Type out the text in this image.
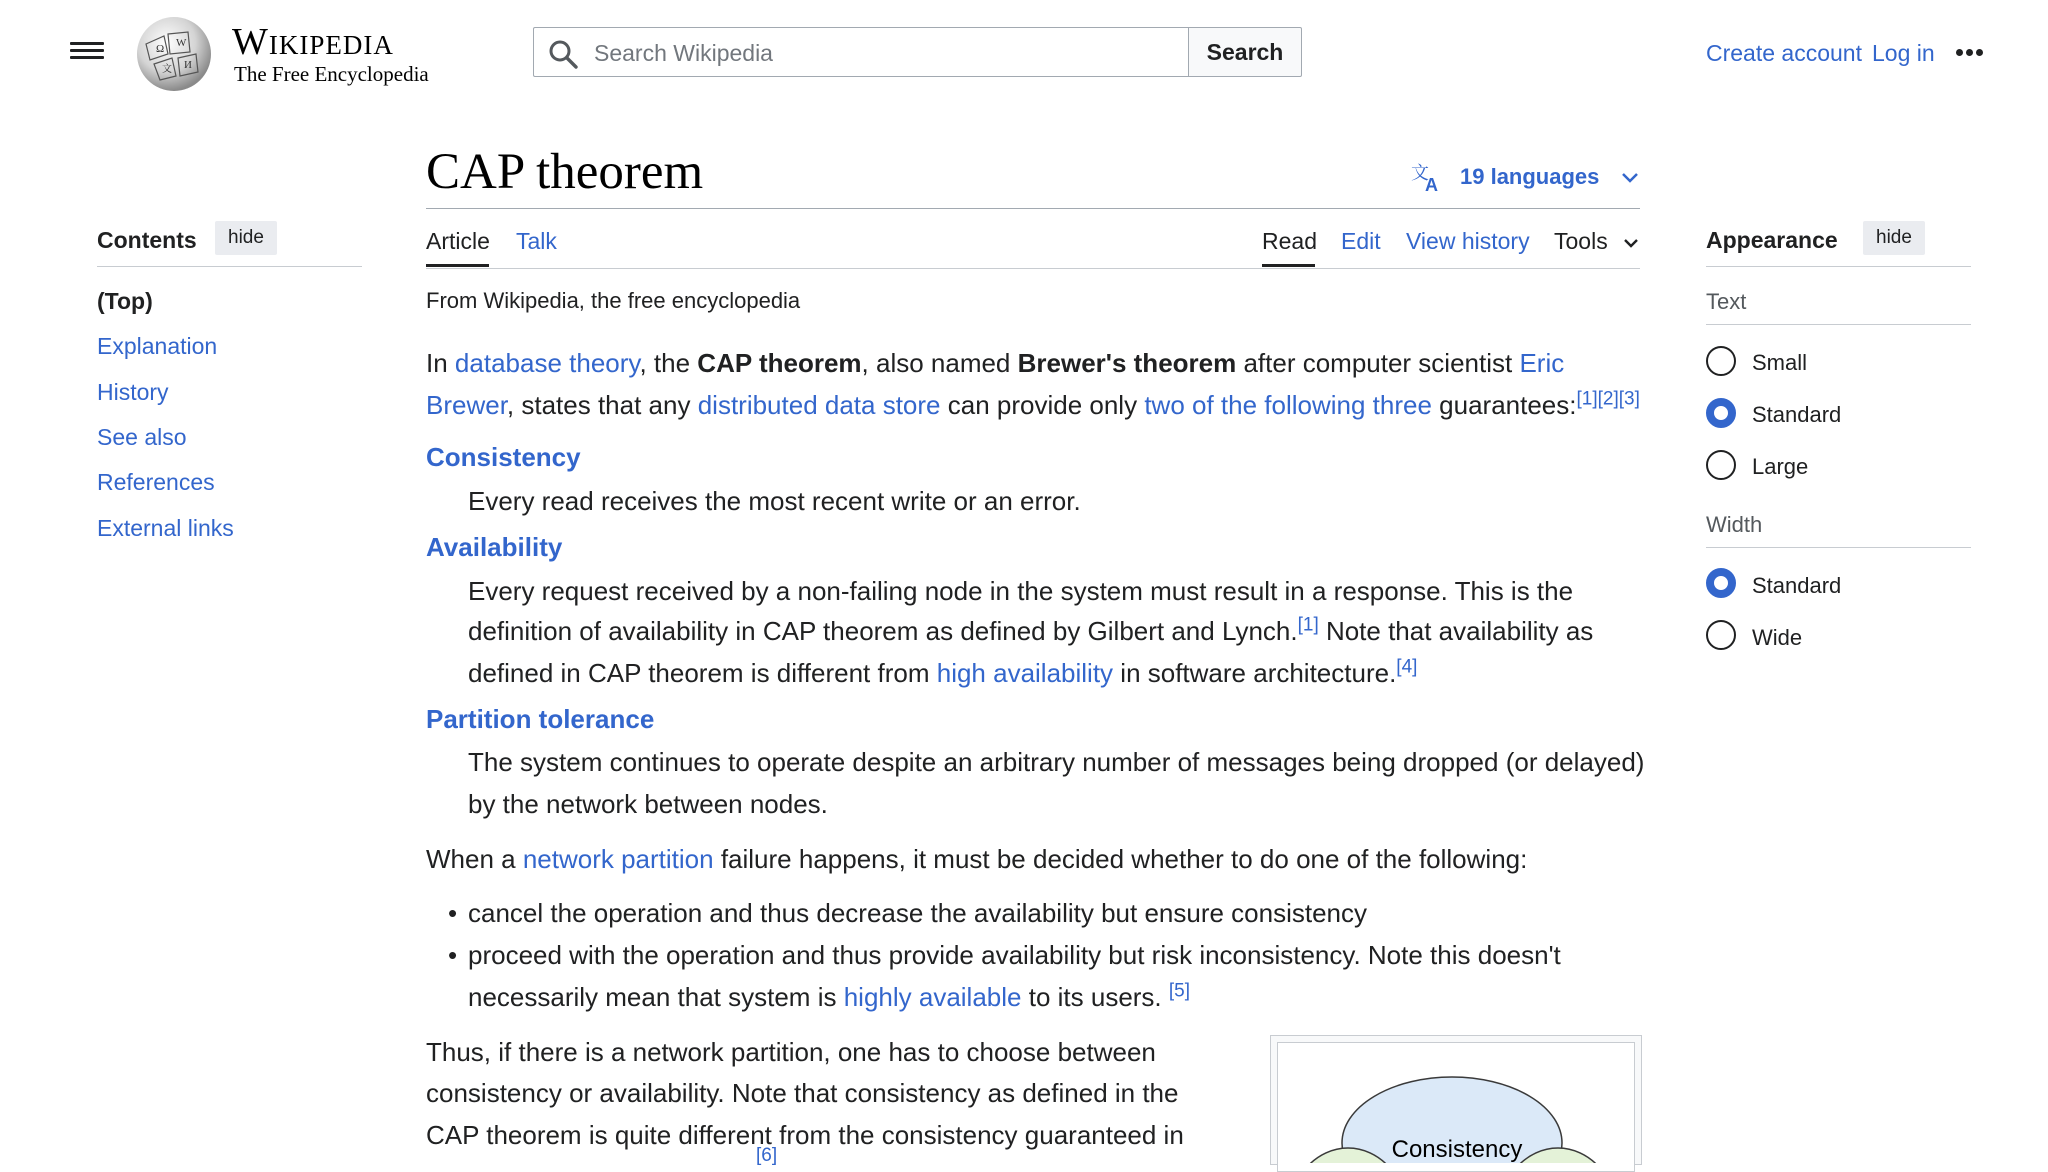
Ω W
И
文
Wikipedia
The Free Encyclopedia
Search Wikipedia
Search	Create account Log in
CAP theorem	文
A 19 languages
Article Talk	Read Edit View history Tools
From Wikipedia, the free encyclopedia
In database theory, the CAP theorem, also named Brewer's theorem after computer scientist Eric
Brewer, states that any distributed data store can provide only two of the following three guarantees:[1][2][3]
Consistency
Every read receives the most recent write or an error.
Availability
Every request received by a non-failing node in the system must result in a response. This is the
definition of availability in CAP theorem as defined by Gilbert and Lynch.[1] Note that availability as
defined in CAP theorem is different from high availability in software architecture.[4]
Partition tolerance
The system continues to operate despite an arbitrary number of messages being dropped (or delayed)
by the network between nodes.
When a network partition failure happens, it must be decided whether to do one of the following:
• cancel the operation and thus decrease the availability but ensure consistency
• proceed with the operation and thus provide availability but risk inconsistency. Note this doesn't
necessarily mean that system is highly available to its users. [5]
Thus, if there is a network partition, one has to choose between
consistency or availability. Note that consistency as defined in the
CAP theorem is quite different from the consistency guaranteed in
[6]	Consistency
Contents	hide
(Top)
Explanation
History
See also
References
External links
Appearance	hide
Text
Small
Standard
Large
Width
Standard
Wide
